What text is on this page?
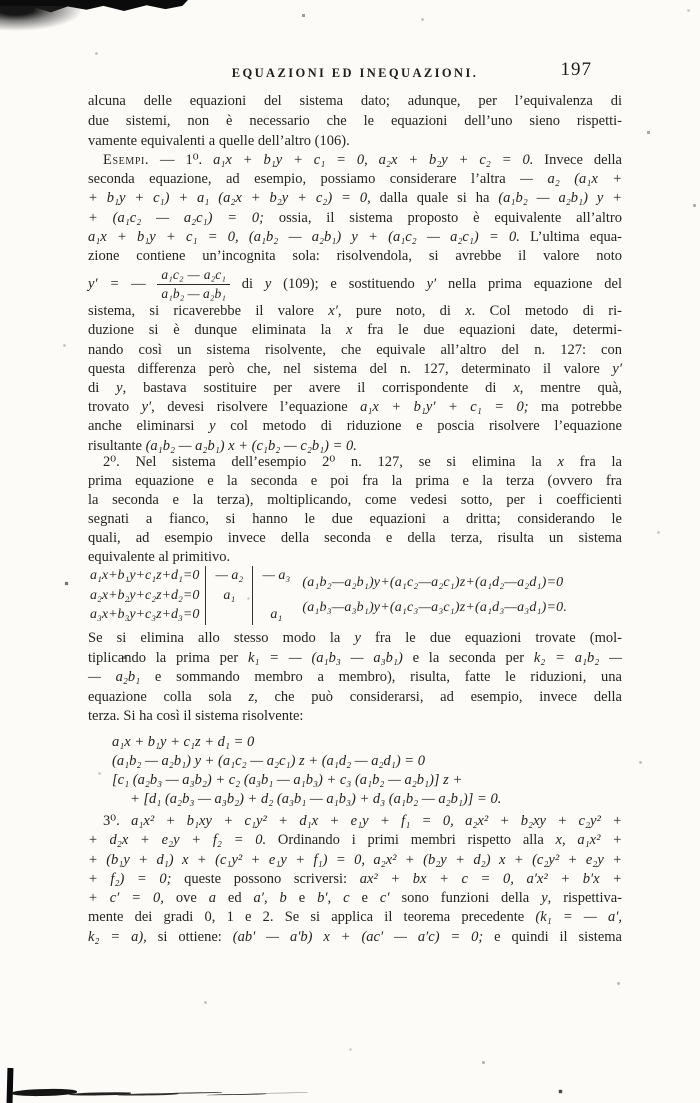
EQUAZIONI ED INEQUAZIONI.	197
alcuna delle equazioni del sistema dato; adunque, per l’equivalenza di
due sistemi, non è necessario che le equazioni dell’uno sieno rispetti-
vamente equivalenti a quelle dell’altro (106).
Esempi. — 1⁰. a₁x + b₁y + c₁ = 0, a₂x + b₂y + c₂ = 0. Invece della
seconda equazione, ad esempio, possiamo considerare l’altra — a₂ (a₁x +
+ b₁y + c₁) + a₁ (a₂x + b₂y + c₂) = 0, dalla quale si ha (a₁b₂ — a₂b₁) y +
+ (a₁c₂ — a₂c₁) = 0; ossia, il sistema proposto è equivalente all’altro
a₁x + b₁y + c₁ = 0, (a₁b₂ — a₂b₁) y + (a₁c₂ — a₂c₁) = 0. L’ultima equa-
zione contiene un’incognita sola: risolvendola, si avrebbe il valore noto
y′ = — $\frac{\text{a₁c₂ — a₂c₁}}{\text{a₁b₂ — a₂b₁}}$ di y (109); e sostituendo y′ nella prima equazione del
sistema, si ricaverebbe il valore x′, pure noto, di x. Col metodo di ri-
duzione si è dunque eliminata la x fra le due equazioni date, determi-
nando così un sistema risolvente, che equivale all’altro del n. 127: con
questa differenza però che, nel sistema del n. 127, determinato il valore y′
di y, bastava sostituire per avere il corrispondente di x, mentre quà,
trovato y′, devesi risolvere l’equazione a₁x + b₁y′ + c₁ = 0; ma potrebbe
anche eliminarsi y col metodo di riduzione e poscia risolvere l’equazione
risultante (a₁b₂ — a₂b₁) x + (c₁b₂ — c₂b₁) = 0.
2⁰. Nel sistema dell’esempio 2⁰ n. 127, se si elimina la x fra la
prima equazione e la seconda e poi fra la prima e la terza (ovvero fra
la seconda e la terza), moltiplicando, come vedesi sotto, per i coefficienti
segnati a fianco, si hanno le due equazioni a dritta; considerando le
quali, ad esempio invece della seconda e della terza, risulta un sistema
equivalente al primitivo.
a₁x+b₁y+c₁z+d₁=0
a₂x+b₂y+c₂z+d₂=0
a₃x+b₃y+c₃z+d₃=0
— a₂
a₁
— a₃
a₁
(a₁b₂—a₂b₁)y+(a₁c₂—a₂c₁)z+(a₁d₂—a₂d₁)=0
(a₁b₃—a₃b₁)y+(a₁c₃—a₃c₁)z+(a₁d₃—a₃d₁)=0.
Se si elimina allo stesso modo la y fra le due equazioni trovate (mol-
tiplicando la prima per k₁ = — (a₁b₃ — a₃b₁) e la seconda per k₂ = a₁b₂ —
— a₂b₁ e sommando membro a membro), risulta, fatte le riduzioni, una
equazione colla sola z, che può considerarsi, ad esempio, invece della
terza. Si ha così il sistema risolvente:
a₁x + b₁y + c₁z + d₁ = 0
(a₁b₂ — a₂b₁) y + (a₁c₂ — a₂c₁) z + (a₁d₂ — a₂d₁) = 0
[c₁ (a₂b₃ — a₃b₂) + c₂ (a₃b₁ — a₁b₃) + c₃ (a₁b₂ — a₂b₁)] z +
+ [d₁ (a₂b₃ — a₃b₂) + d₂ (a₃b₁ — a₁b₃) + d₃ (a₁b₂ — a₂b₁)] = 0.
3⁰. a₁x² + b₁xy + c₁y² + d₁x + e₁y + f₁ = 0, a₂x² + b₂xy + c₂y² +
+ d₂x + e₂y + f₂ = 0. Ordinando i primi membri rispetto alla x, a₁x² +
+ (b₁y + d₁) x + (c₁y² + e₁y + f₁) = 0, a₂x² + (b₂y + d₂) x + (c₂y² + e₂y +
+ f₂) = 0; queste possono scriversi: ax² + bx + c = 0, a′x² + b′x +
+ c′ = 0, ove a ed a′, b e b′, c e c′ sono funzioni della y, rispettiva-
mente dei gradi 0, 1 e 2. Se si applica il teorema precedente (k₁ = — a′,
k₂ = a), si ottiene: (ab′ — a′b) x + (ac′ — a′c) = 0; e quindi il sistema
